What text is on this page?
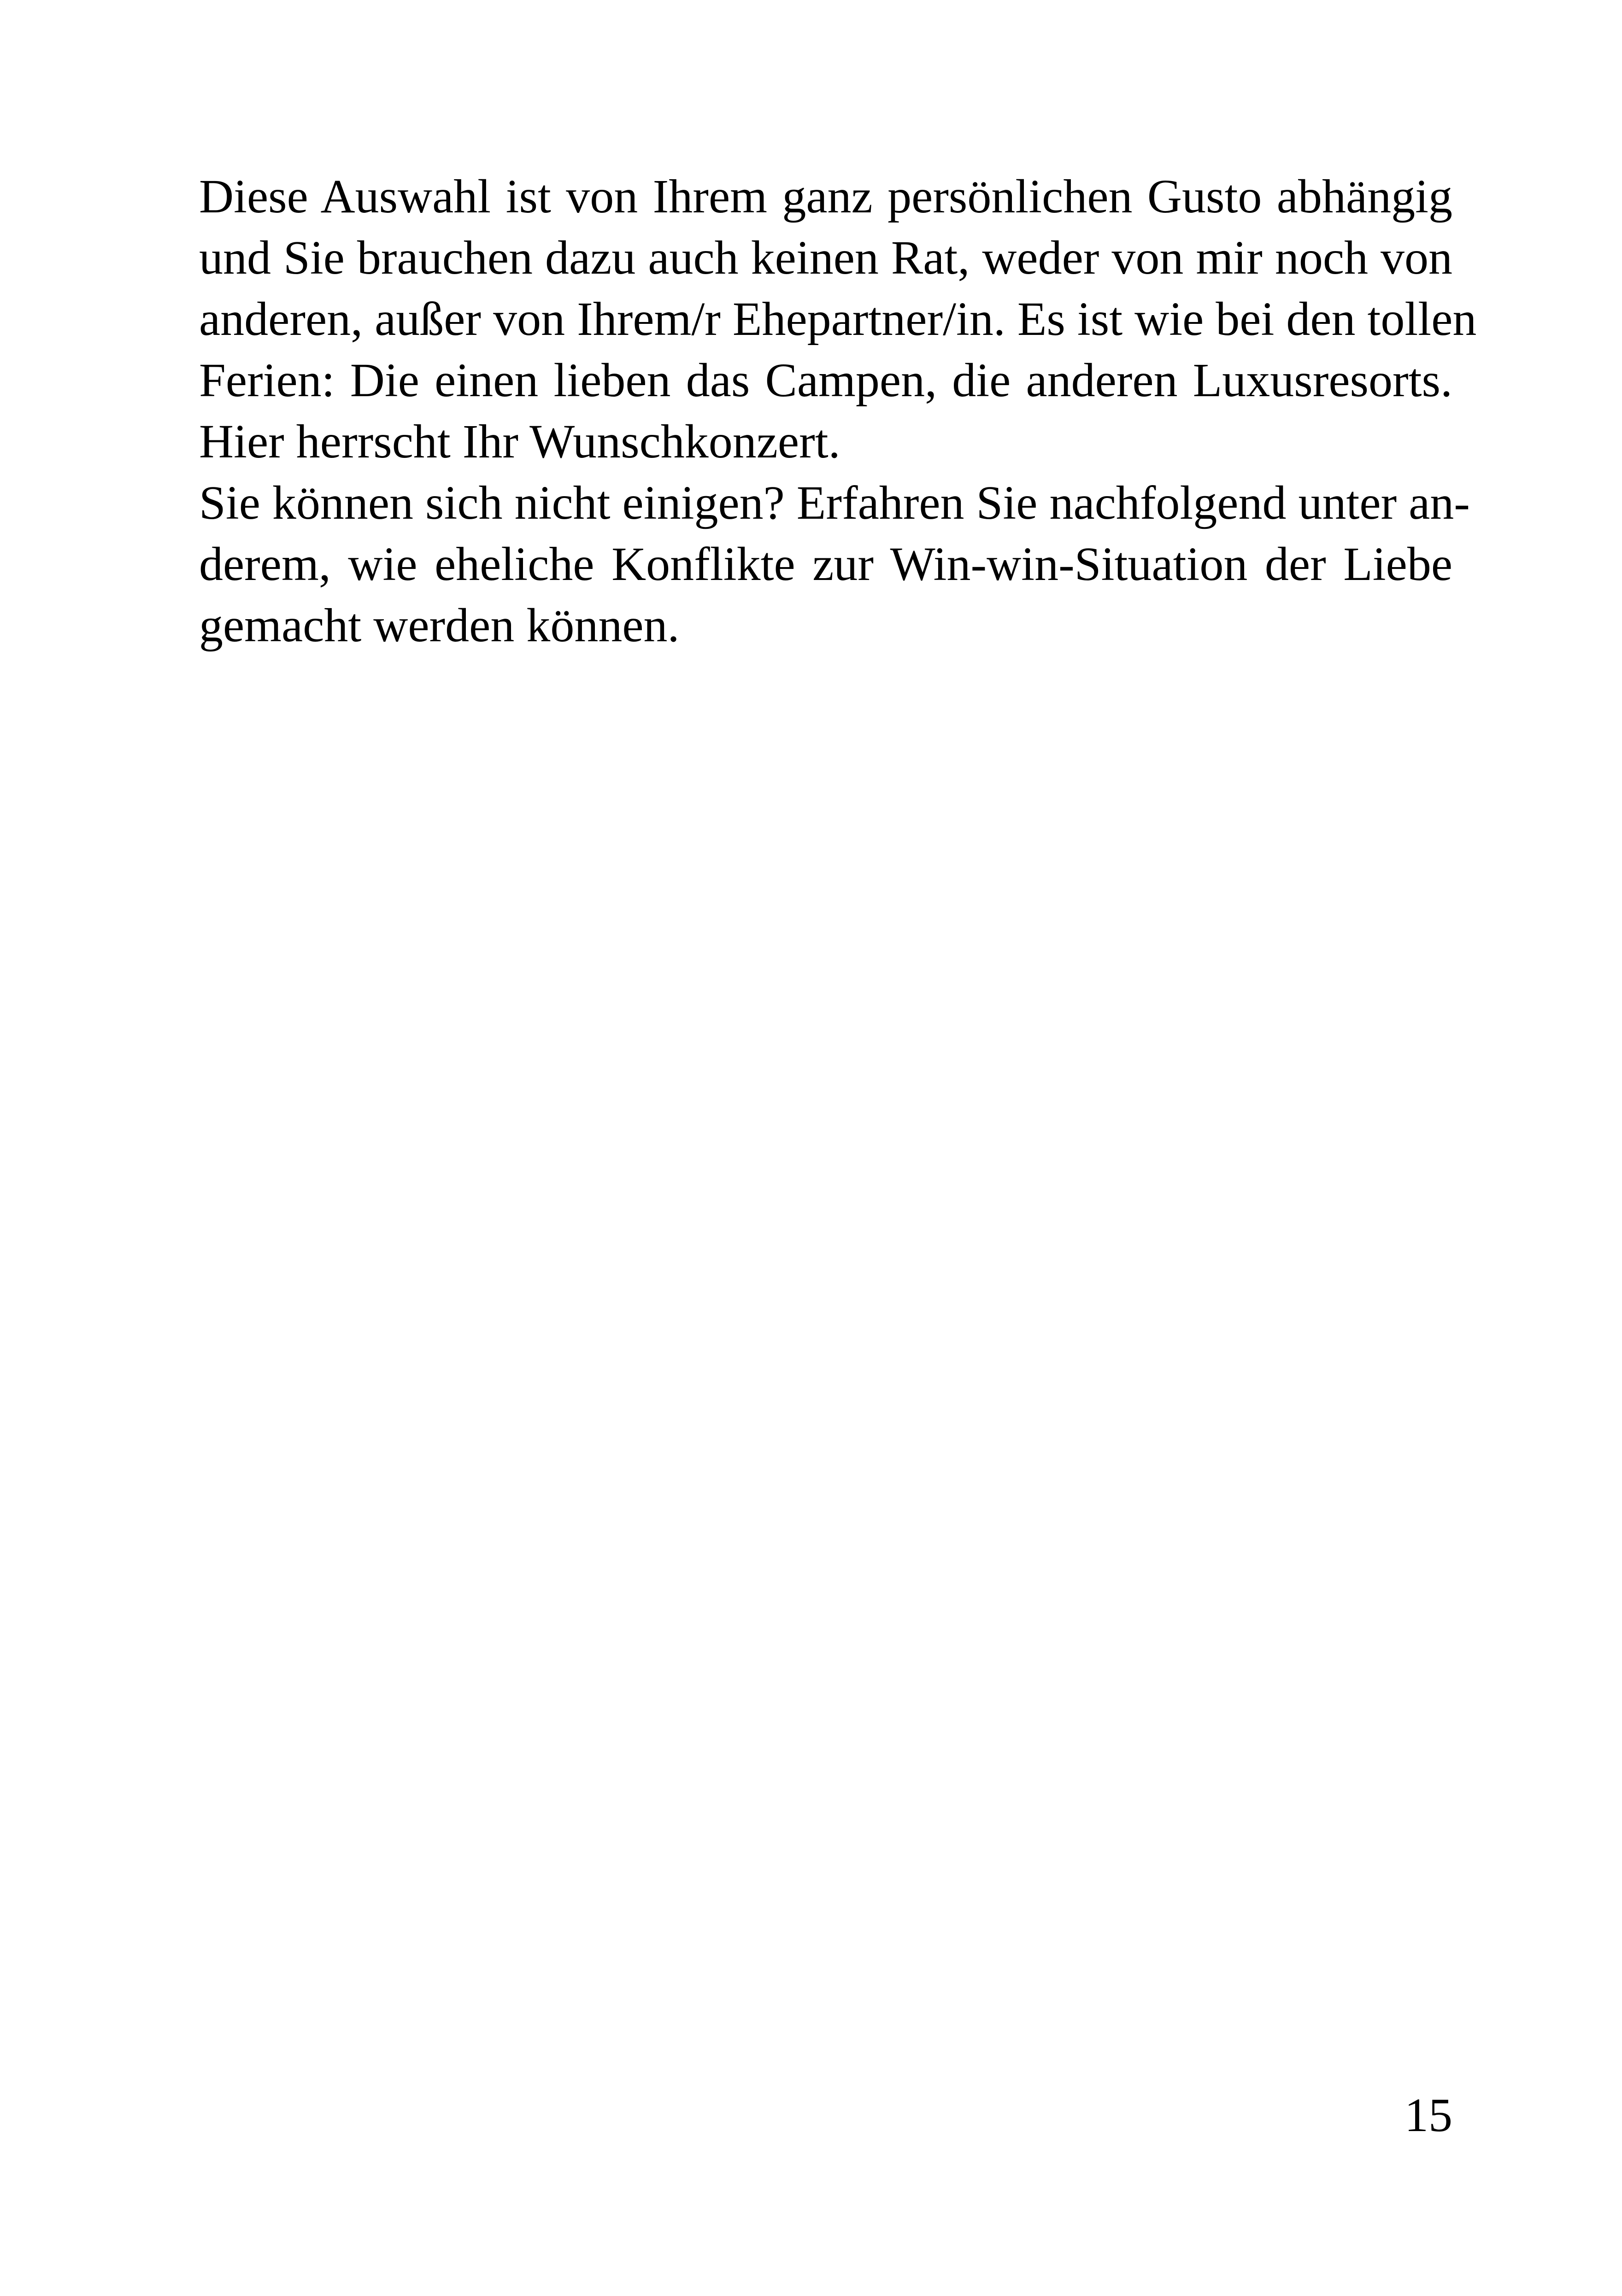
Diese Auswahl ist von Ihrem ganz persönlichen Gusto abhängig
und Sie brauchen dazu auch keinen Rat, weder von mir noch von
anderen, außer von Ihrem/r Ehepartner/in. Es ist wie bei den tollen
Ferien: Die einen lieben das Campen, die anderen Luxusresorts.
Hier herrscht Ihr Wunschkonzert.
Sie können sich nicht einigen? Erfahren Sie nachfolgend unter an-
derem, wie eheliche Konflikte zur Win-win-Situation der Liebe
gemacht werden können.
15
